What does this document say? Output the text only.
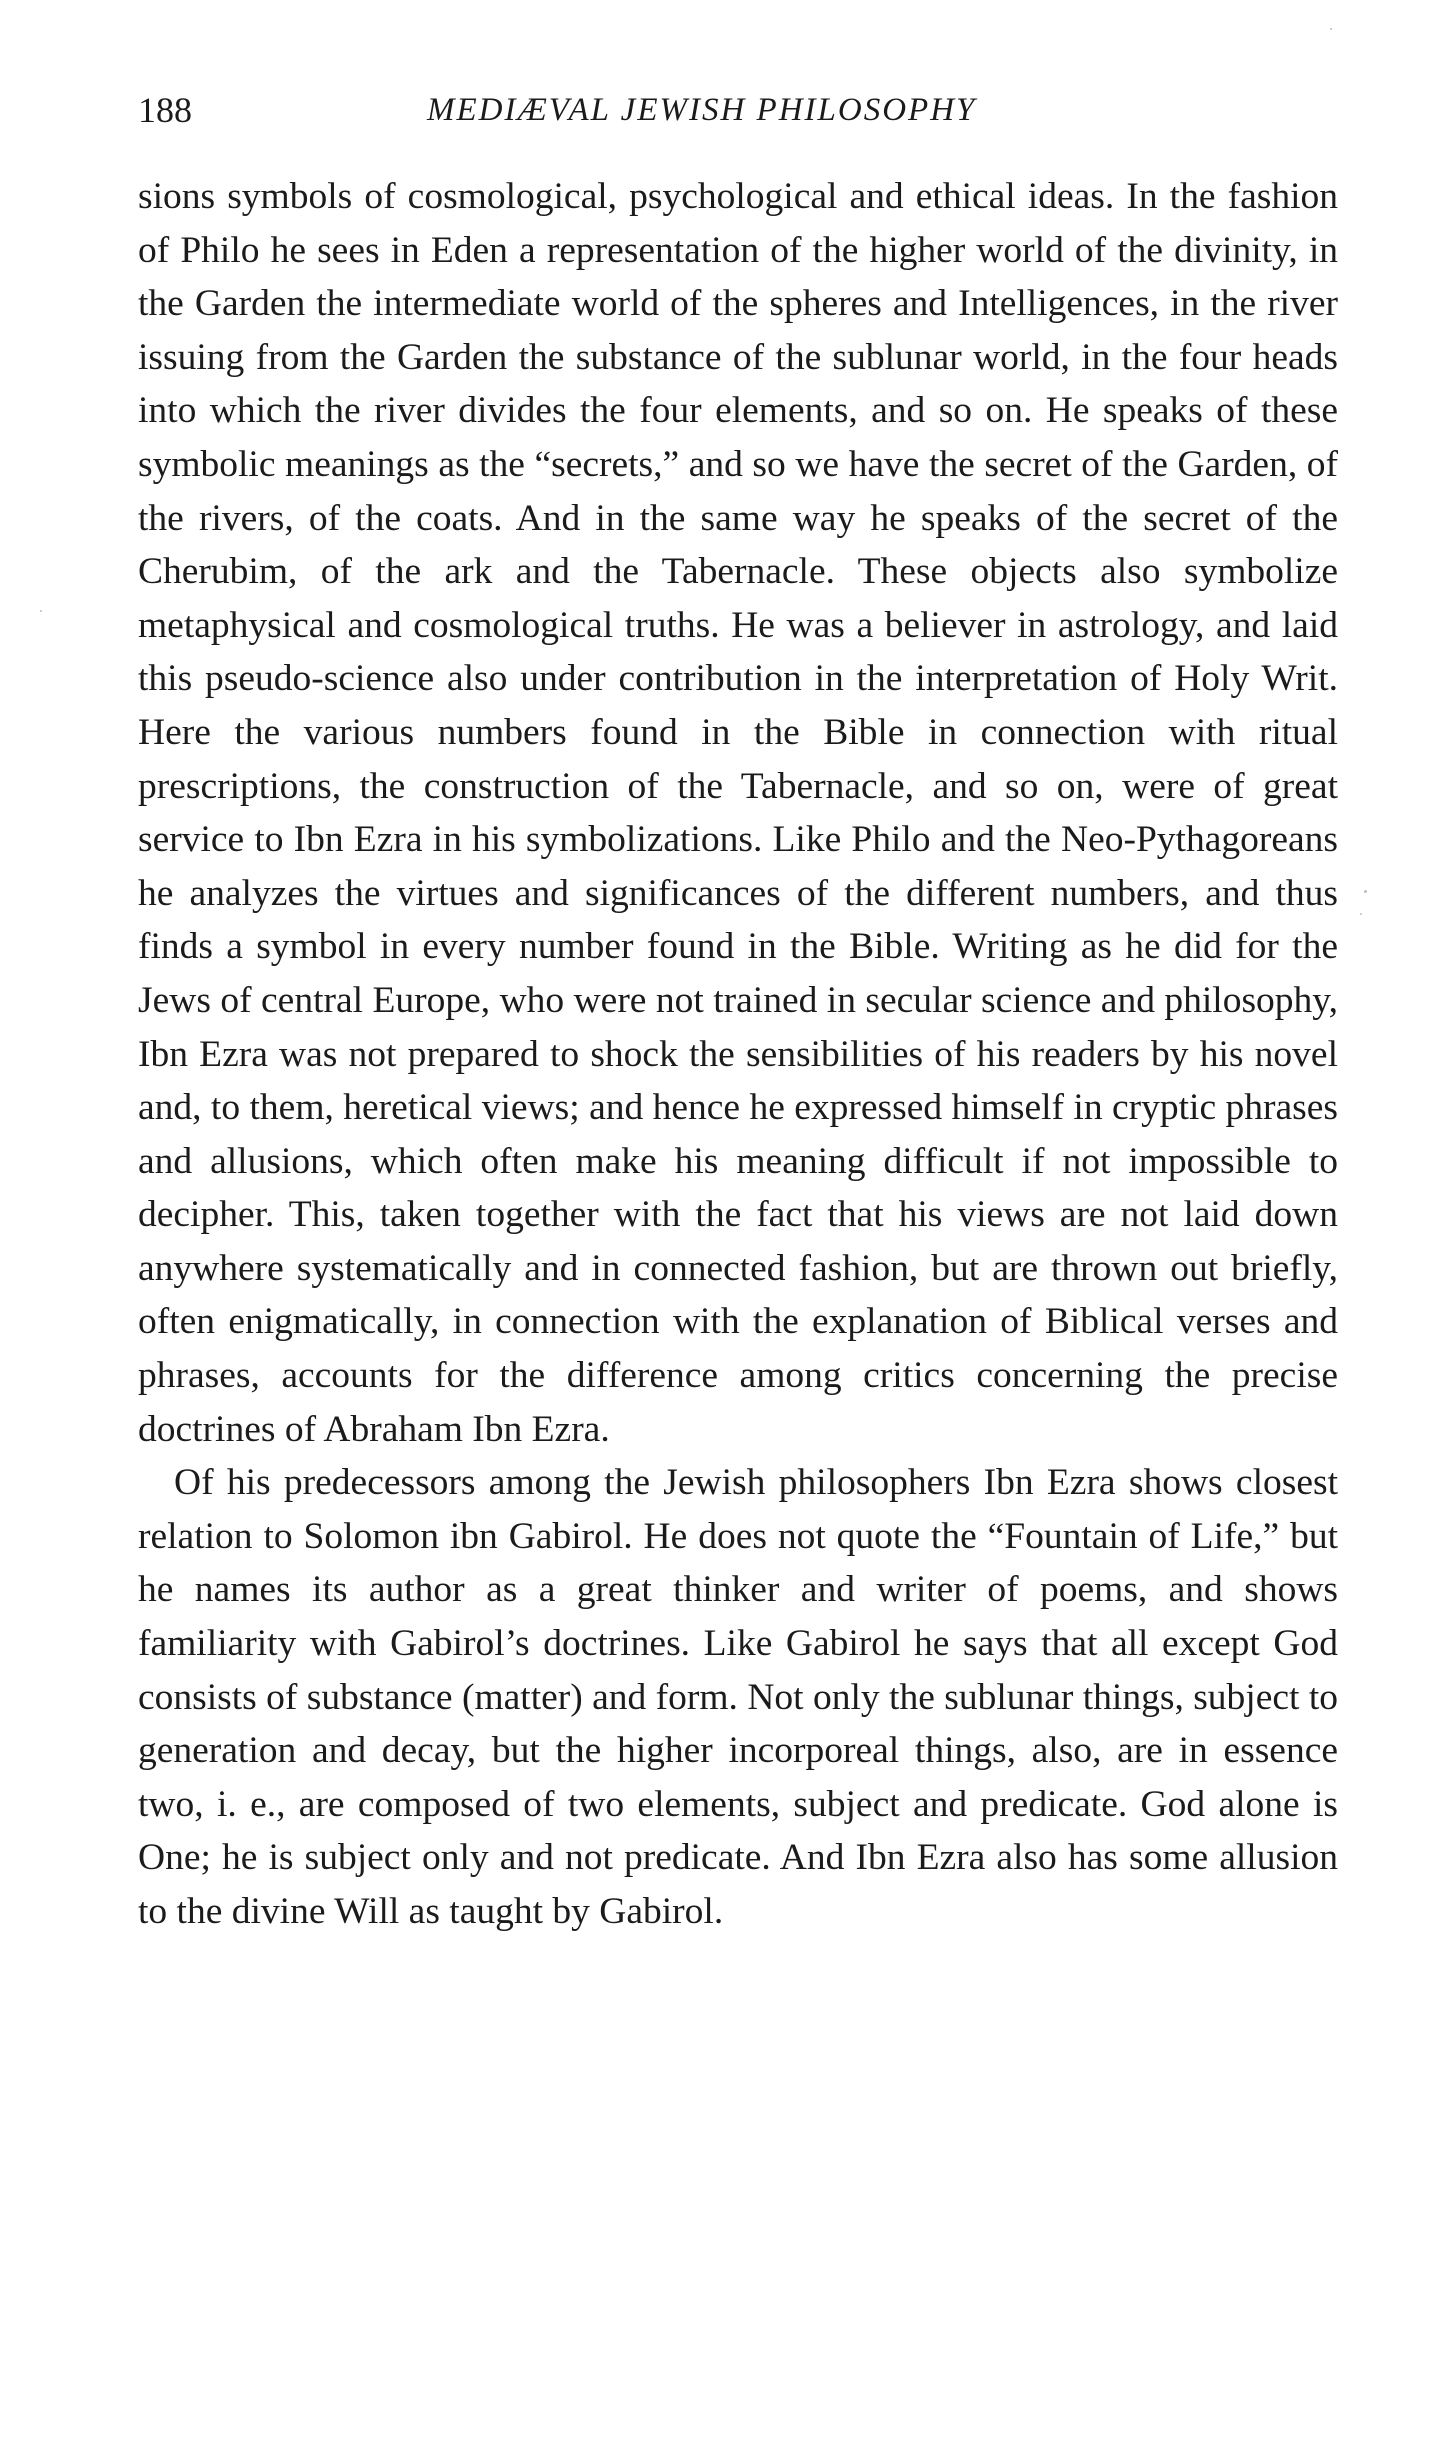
188	MEDIÆVAL JEWISH PHILOSOPHY

sions symbols of cosmological, psychological and ethical ideas. In the fashion of Philo he sees in Eden a representation of the higher world of the divinity, in the Garden the intermediate world of the spheres and Intelligences, in the river issuing from the Garden the substance of the sublunar world, in the four heads into which the river divides the four elements, and so on. He speaks of these symbolic meanings as the “secrets,” and so we have the secret of the Garden, of the rivers, of the coats. And in the same way he speaks of the secret of the Cherubim, of the ark and the Tabernacle. These objects also symbolize metaphysical and cosmological truths. He was a believer in astrology, and laid this pseudo-science also under contribution in the interpretation of Holy Writ. Here the various numbers found in the Bible in connection with ritual prescriptions, the construction of the Tabernacle, and so on, were of great service to Ibn Ezra in his symbolizations. Like Philo and the Neo-Pythagoreans he analyzes the virtues and significances of the different numbers, and thus finds a symbol in every number found in the Bible. Writing as he did for the Jews of central Europe, who were not trained in secular science and philosophy, Ibn Ezra was not prepared to shock the sensibilities of his readers by his novel and, to them, heretical views; and hence he expressed himself in cryptic phrases and allusions, which often make his meaning difficult if not impossible to decipher. This, taken together with the fact that his views are not laid down anywhere systematically and in connected fashion, but are thrown out briefly, often enigmatically, in connection with the explanation of Biblical verses and phrases, accounts for the difference among critics concerning the precise doctrines of Abraham Ibn Ezra.

Of his predecessors among the Jewish philosophers Ibn Ezra shows closest relation to Solomon ibn Gabirol. He does not quote the “Fountain of Life,” but he names its author as a great thinker and writer of poems, and shows familiarity with Gabirol’s doctrines. Like Gabirol he says that all except God consists of substance (matter) and form. Not only the sublunar things, subject to generation and decay, but the higher incorporeal things, also, are in essence two, i. e., are composed of two elements, subject and predicate. God alone is One; he is subject only and not predicate. And Ibn Ezra also has some allusion to the divine Will as taught by Gabirol.
